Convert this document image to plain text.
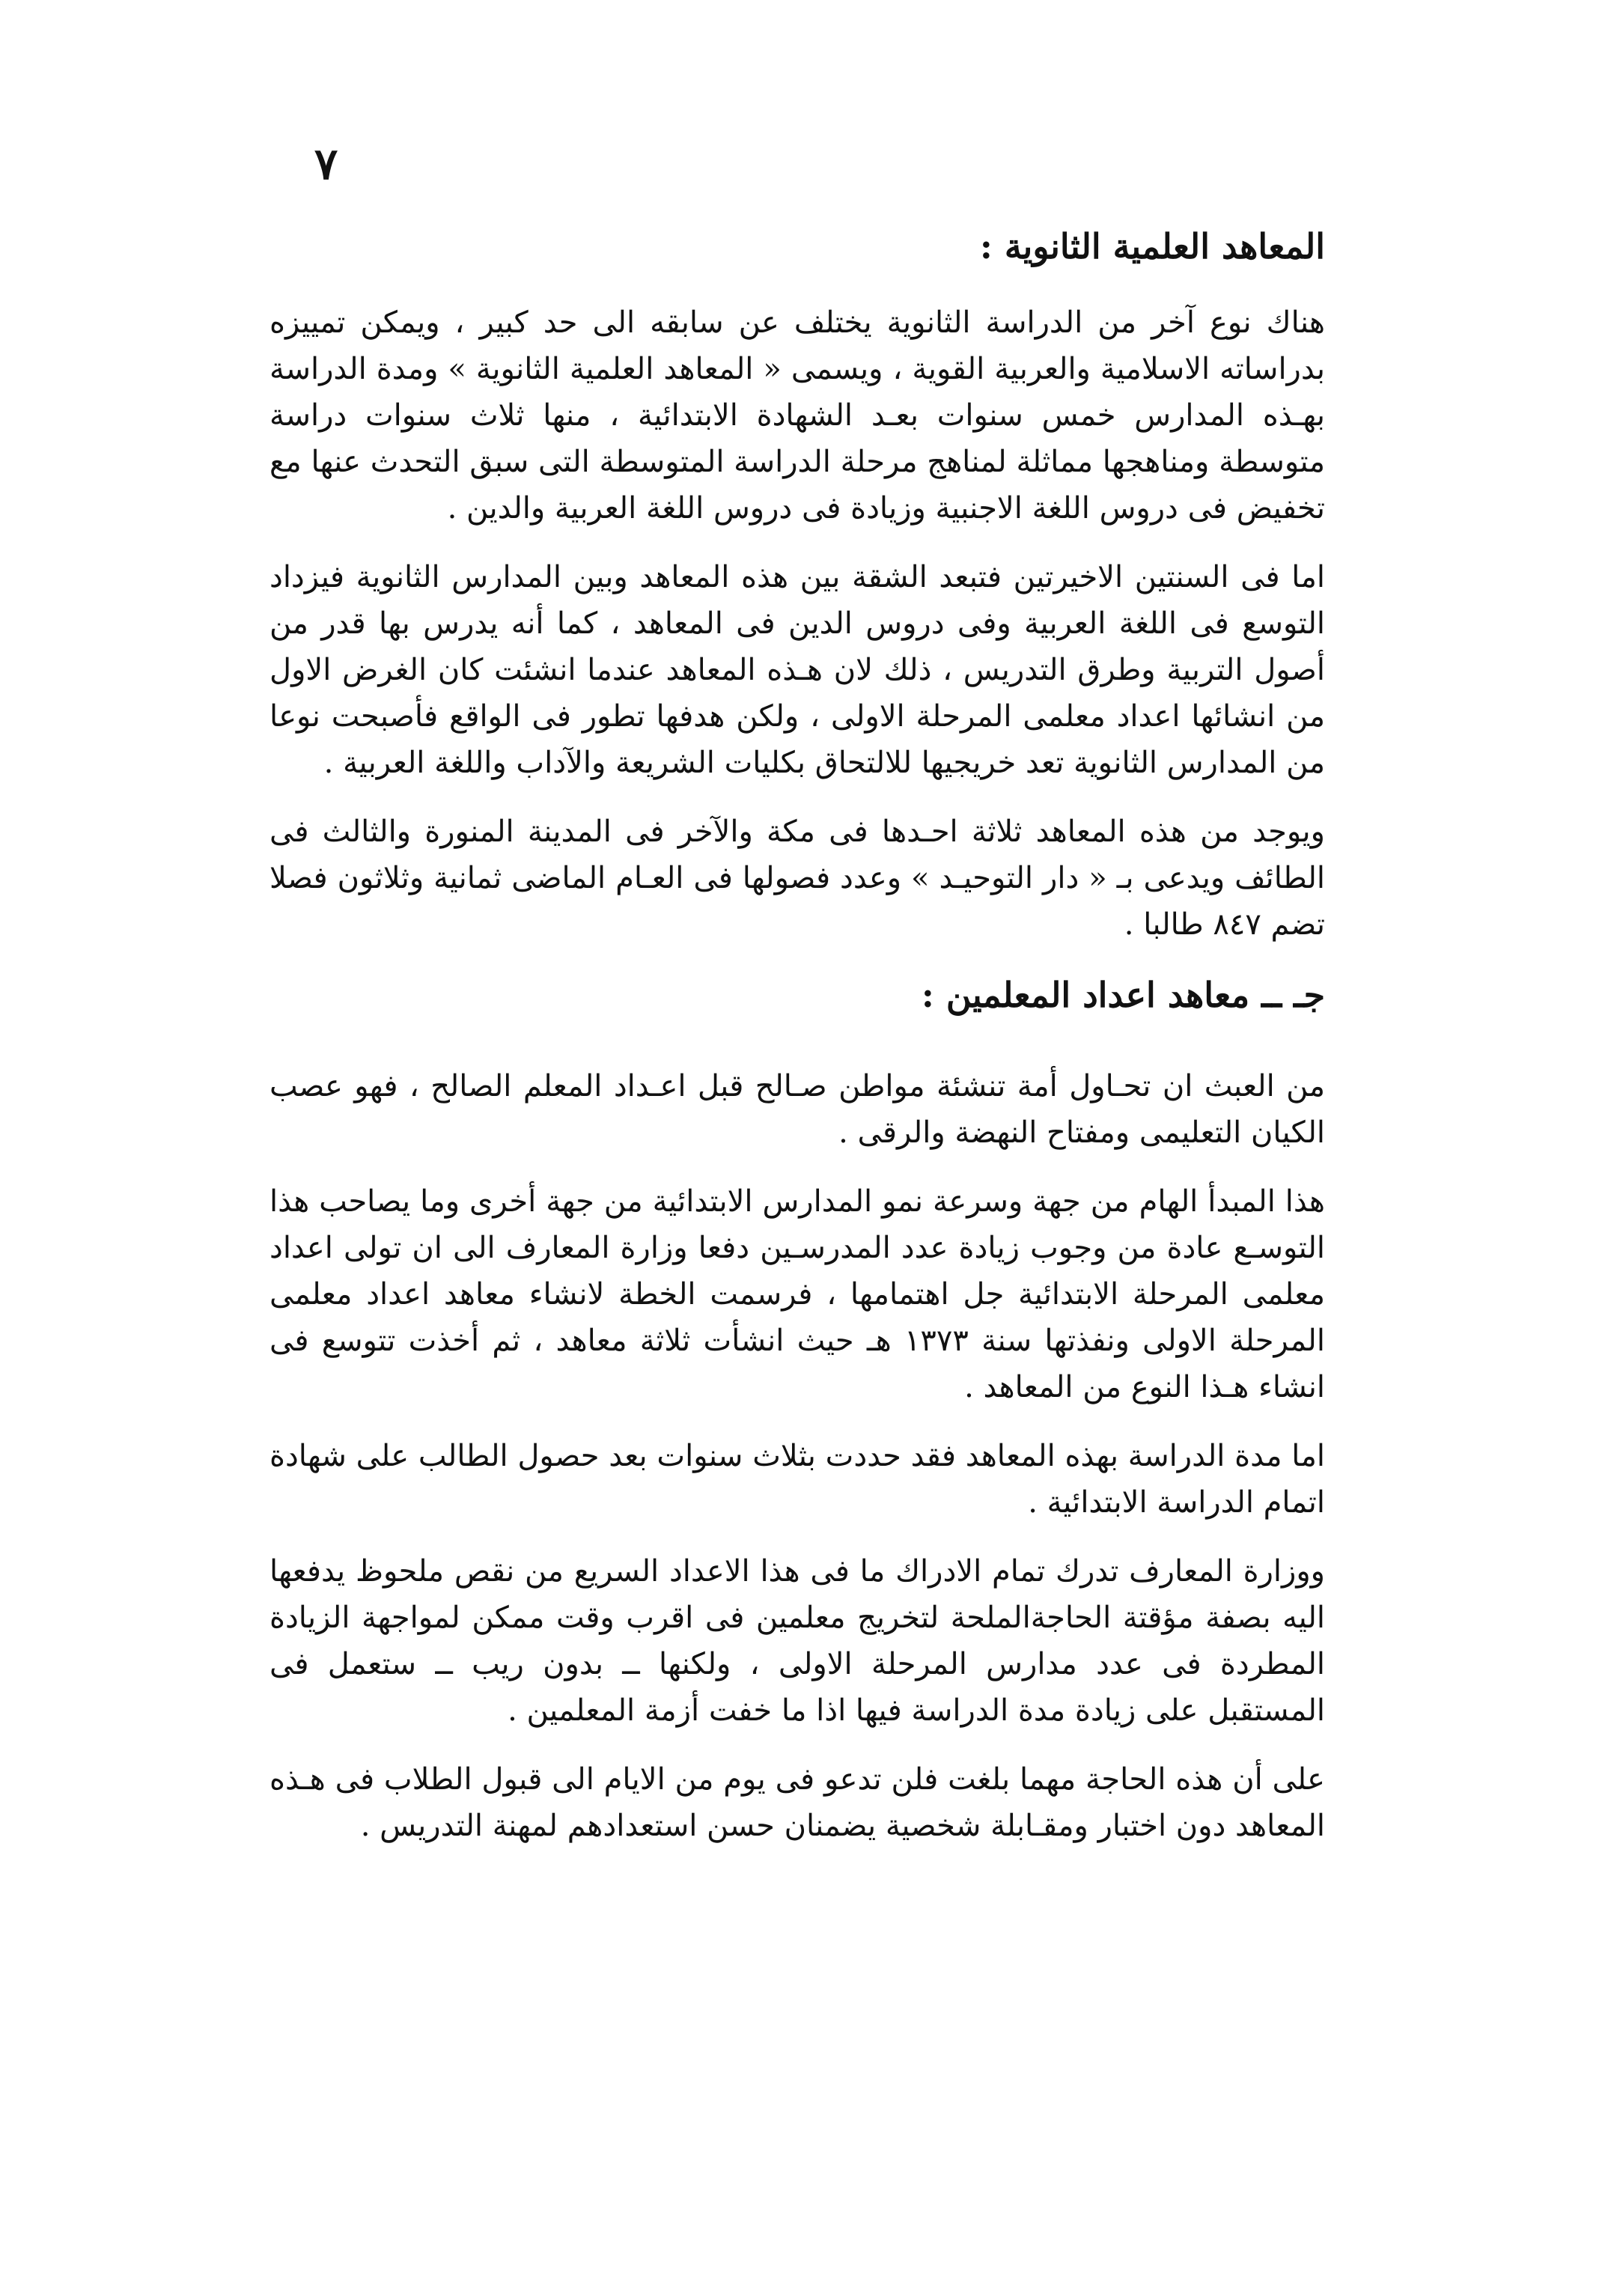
٧
المعاهد العلمية الثانوية :

هناك نوع آخر من الدراسة الثانوية يختلف عن سابقه الى حد كبير ، ويمكن تمييزه بدراساته الاسلامية والعربية القوية ، ويسمى « المعاهد العلمية الثانوية » ومدة الدراسة بهـذه المدارس خمس سنوات بعـد الشهادة الابتدائية ، منها ثلاث سنوات دراسة متوسطة ومناهجها مماثلة لمناهج مرحلة الدراسة المتوسطة التى سبق التحدث عنها مع تخفيض فى دروس اللغة الاجنبية وزيادة فى دروس اللغة العربية والدين .

اما فى السنتين الاخيرتين فتبعد الشقة بين هذه المعاهد وبين المدارس الثانوية فيزداد التوسع فى اللغة العربية وفى دروس الدين فى المعاهد ، كما أنه يدرس بها قدر من أصول التربية وطرق التدريس ، ذلك لان هـذه المعاهد عندما انشئت كان الغرض الاول من انشائها اعداد معلمى المرحلة الاولى ، ولكن هدفها تطور فى الواقع فأصبحت نوعا من المدارس الثانوية تعد خريجيها للالتحاق بكليات الشريعة والآداب واللغة العربية .

ويوجد من هذه المعاهد ثلاثة احـدها فى مكة والآخر فى المدينة المنورة والثالث فى الطائف ويدعى بـ « دار التوحيـد » وعدد فصولها فى العـام الماضى ثمانية وثلاثون فصلا تضم ٨٤٧ طالبا .

جـ ــ معاهد اعداد المعلمين :

من العبث ان تحـاول أمة تنشئة مواطن صـالح قبل اعـداد المعلم الصالح ، فهو عصب الكيان التعليمى ومفتاح النهضة والرقى .

هذا المبدأ الهام من جهة وسرعة نمو المدارس الابتدائية من جهة أخرى وما يصاحب هذا التوسـع عادة من وجوب زيادة عدد المدرسـين دفعا وزارة المعارف الى ان تولى اعداد معلمى المرحلة الابتدائية جل اهتمامها ، فرسمت الخطة لانشاء معاهد اعداد معلمى المرحلة الاولى ونفذتها سنة ١٣٧٣ هـ حيث انشأت ثلاثة معاهد ، ثم أخذت تتوسع فى انشاء هـذا النوع من المعاهد .

اما مدة الدراسة بهذه المعاهد فقد حددت بثلاث سنوات بعد حصول الطالب على شهادة اتمام الدراسة الابتدائية .

ووزارة المعارف تدرك تمام الادراك ما فى هذا الاعداد السريع من نقص ملحوظ يدفعها اليه بصفة مؤقتة الحاجةالملحة لتخريج معلمين فى اقرب وقت ممكن لمواجهة الزيادة المطردة فى عدد مدارس المرحلة الاولى ، ولكنها ــ بدون ريب ــ ستعمل فى المستقبل على زيادة مدة الدراسة فيها اذا ما خفت أزمة المعلمين .

على أن هذه الحاجة مهما بلغت فلن تدعو فى يوم من الايام الى قبول الطلاب فى هـذه المعاهد دون اختبار ومقـابلة شخصية يضمنان حسن استعدادهم لمهنة التدريس .
